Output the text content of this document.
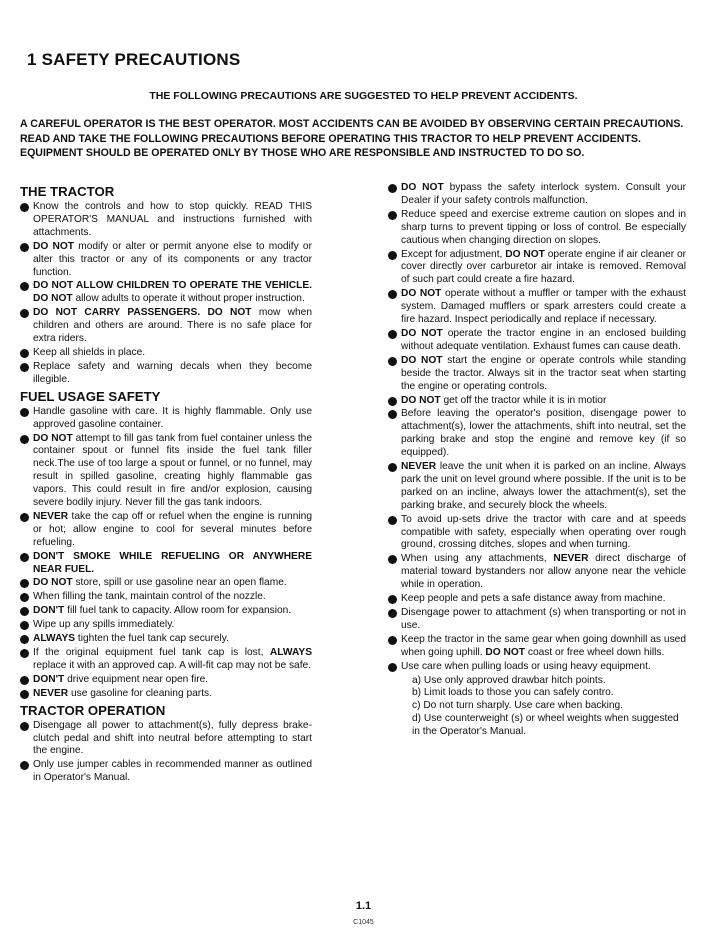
1 SAFETY PRECAUTIONS
THE FOLLOWING PRECAUTIONS ARE SUGGESTED TO HELP PREVENT ACCIDENTS.
A CAREFUL OPERATOR IS THE BEST OPERATOR. MOST ACCIDENTS CAN BE AVOIDED BY OBSERVING CERTAIN PRECAUTIONS. READ AND TAKE THE FOLLOWING PRECAUTIONS BEFORE OPERATING THIS TRACTOR TO HELP PREVENT ACCIDENTS. EQUIPMENT SHOULD BE OPERATED ONLY BY THOSE WHO ARE RESPONSIBLE AND INSTRUCTED TO DO SO.
THE TRACTOR
Know the controls and how to stop quickly. READ THIS OPERATOR'S MANUAL and instructions furnished with attachments.
DO NOT modify or alter or permit anyone else to modify or alter this tractor or any of its components or any tractor function.
DO NOT ALLOW CHILDREN TO OPERATE THE VEHICLE. DO NOT allow adults to operate it without proper instruction.
DO NOT CARRY PASSENGERS. DO NOT mow when children and others are around. There is no safe place for extra riders.
Keep all shields in place.
Replace safety and warning decals when they become illegible.
FUEL USAGE SAFETY
Handle gasoline with care. It is highly flammable. Only use approved gasoline container.
DO NOT attempt to fill gas tank from fuel container unless the container spout or funnel fits inside the fuel tank filler neck.The use of too large a spout or funnel, or no funnel, may result in spilled gasoline, creating highly flammable gas vapors. This could result in fire and/or explosion, causing severe bodily injury. Never fill the gas tank indoors.
NEVER take the cap off or refuel when the engine is running or hot; allow engine to cool for several minutes before refueling.
DON'T SMOKE WHILE REFUELING OR ANYWHERE NEAR FUEL.
DO NOT store, spill or use gasoline near an open flame.
When filling the tank, maintain control of the nozzle.
DON'T fill fuel tank to capacity. Allow room for expansion.
Wipe up any spills immediately.
ALWAYS tighten the fuel tank cap securely.
If the original equipment fuel tank cap is lost, ALWAYS replace it with an approved cap. A will-fit cap may not be safe.
DON'T drive equipment near open fire.
NEVER use gasoline for cleaning parts.
TRACTOR OPERATION
Disengage all power to attachment(s), fully depress brake-clutch pedal and shift into neutral before attempting to start the engine.
Only use jumper cables in recommended manner as outlined in Operator's Manual.
DO NOT bypass the safety interlock system. Consult your Dealer if your safety controls malfunction.
Reduce speed and exercise extreme caution on slopes and in sharp turns to prevent tipping or loss of control. Be especially cautious when changing direction on slopes.
Except for adjustment, DO NOT operate engine if air cleaner or cover directly over carburetor air intake is removed. Removal of such part could create a fire hazard.
DO NOT operate without a muffler or tamper with the exhaust system. Damaged mufflers or spark arresters could create a fire hazard. Inspect periodically and replace if necessary.
DO NOT operate the tractor engine in an enclosed building without adequate ventilation. Exhaust fumes can cause death.
DO NOT start the engine or operate controls while standing beside the tractor. Always sit in the tractor seat when starting the engine or operating controls.
DO NOT get off the tractor while it is in motior
Before leaving the operator's position, disengage power to attachment(s), lower the attachments, shift into neutral, set the parking brake and stop the engine and remove key (if so equipped).
NEVER leave the unit when it is parked on an incline. Always park the unit on level ground where possible. If the unit is to be parked on an incline, always lower the attachment(s), set the parking brake, and securely block the wheels.
To avoid up-sets drive the tractor with care and at speeds compatible with safety, especially when operating over rough ground, crossing ditches, slopes and when turning.
When using any attachments, NEVER direct discharge of material toward bystanders nor allow anyone near the vehicle while in operation.
Keep people and pets a safe distance away from machine.
Disengage power to attachment (s) when transporting or not in use.
Keep the tractor in the same gear when going downhill as used when going uphill. DO NOT coast or free wheel down hills.
Use care when pulling loads or using heavy equipment.
a) Use only approved drawbar hitch points.
b) Limit loads to those you can safely contro.
c) Do not turn sharply. Use care when backing.
d) Use counterweight (s) or wheel weights when suggested in the Operator's Manual.
1.1
C1045
